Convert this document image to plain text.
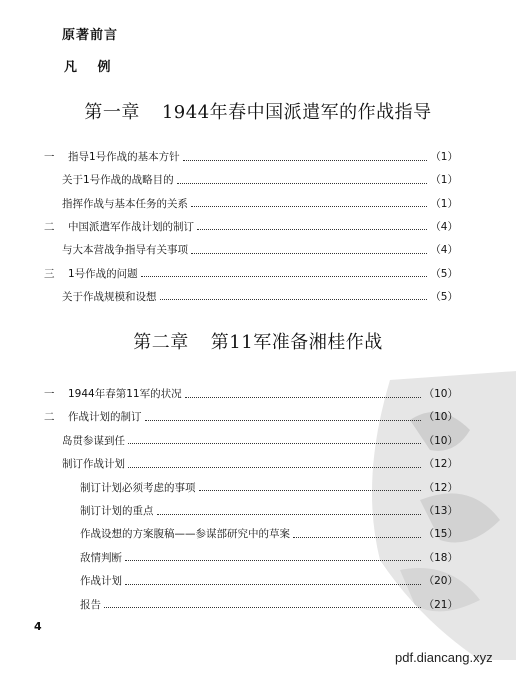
原著前言
凡　 例
第一章 1944年春中国派遣军的作战指导
一	指导1号作战的基本方针	（1）
关于1号作战的战略目的	（1）
指挥作战与基本任务的关系	（1）
二	中国派遣军作战计划的制订	（4）
与大本营战争指导有关事项	（4）
三	1号作战的问题	（5）
关于作战规模和设想	（5）
第二章 第11军准备湘桂作战
一	1944年春第11军的状况	（10）
二	作战计划的制订	（10）
岛贯参谋到任	（10）
制订作战计划	（12）
制订计划必须考虑的事项	（12）
制订计划的重点	（13）
作战设想的方案腹稿——参谋部研究中的草案	（15）
敌情判断	（18）
作战计划	（20）
报告	（21）
4
pdf.diancang.xyz
